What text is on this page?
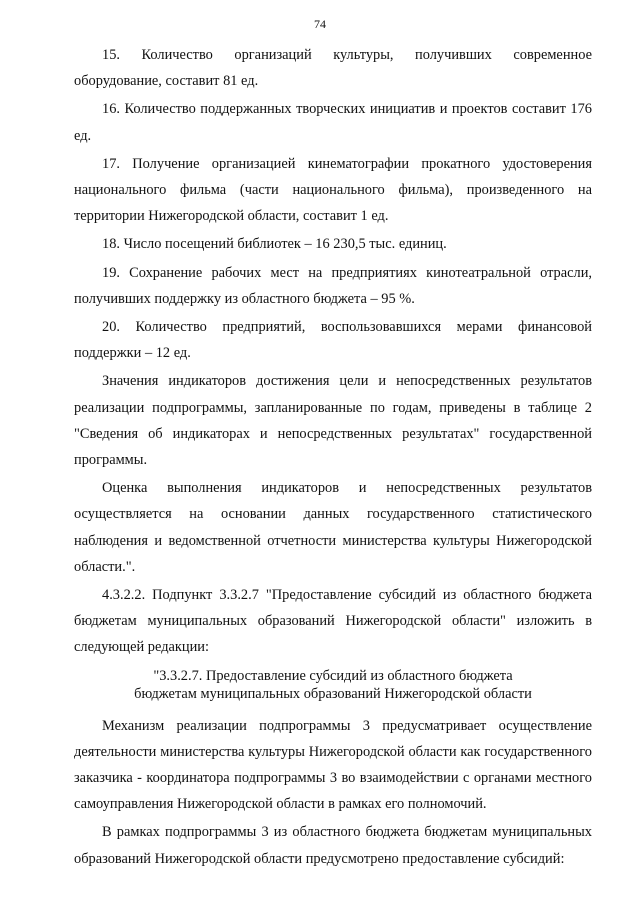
74

15. Количество организаций культуры, получивших современное оборудование, составит 81 ед.

16. Количество поддержанных творческих инициатив и проектов составит 176 ед.

17. Получение организацией кинематографии прокатного удостоверения национального фильма (части национального фильма), произведенного на территории Нижегородской области, составит 1 ед.

18. Число посещений библиотек – 16 230,5 тыс. единиц.

19. Сохранение рабочих мест на предприятиях кинотеатральной отрасли, получивших поддержку из областного бюджета – 95 %.

20. Количество предприятий, воспользовавшихся мерами финансовой поддержки – 12 ед.

Значения индикаторов достижения цели и непосредственных результатов реализации подпрограммы, запланированные по годам, приведены в таблице 2 "Сведения об индикаторах и непосредственных результатах" государственной программы.

Оценка выполнения индикаторов и непосредственных результатов осуществляется на основании данных государственного статистического наблюдения и ведомственной отчетности министерства культуры Нижегородской области.".

4.3.2.2. Подпункт 3.3.2.7 "Предоставление субсидий из областного бюджета бюджетам муниципальных образований Нижегородской области" изложить в следующей редакции:

"3.3.2.7. Предоставление субсидий из областного бюджета
бюджетам муниципальных образований Нижегородской области

Механизм реализации подпрограммы 3 предусматривает осуществление деятельности министерства культуры Нижегородской области как государственного заказчика - координатора подпрограммы 3 во взаимодействии с органами местного самоуправления Нижегородской области в рамках его полномочий.

В рамках подпрограммы 3 из областного бюджета бюджетам муниципальных образований Нижегородской области предусмотрено предоставление субсидий:
